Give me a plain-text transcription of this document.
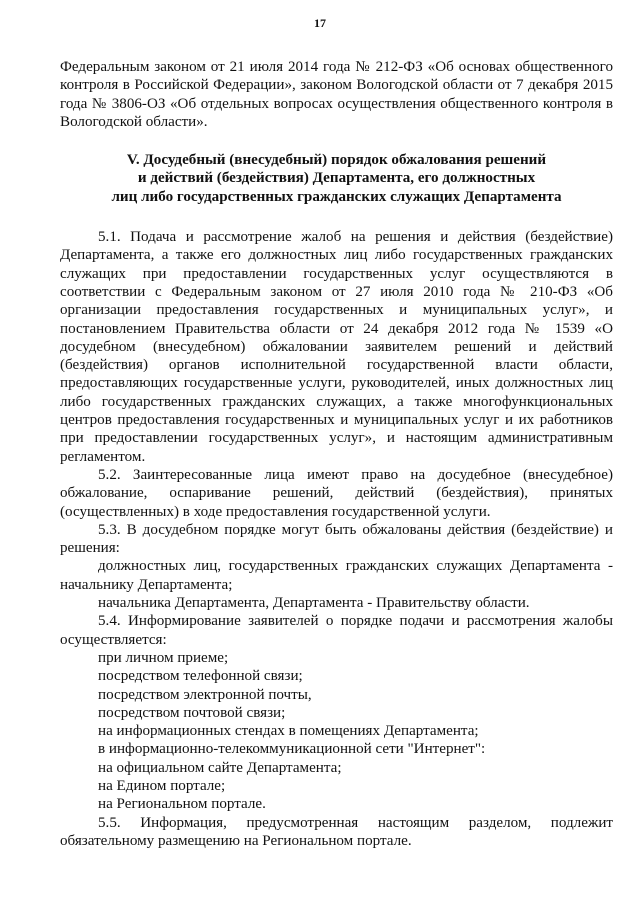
17

Федеральным законом от 21 июля 2014 года № 212-ФЗ «Об основах общественного контроля в Российской Федерации», законом Вологодской области от 7 декабря 2015 года № 3806-ОЗ «Об отдельных вопросах осуществления общественного контроля в Вологодской области».

V. Досудебный (внесудебный) порядок обжалования решений
и действий (бездействия) Департамента, его должностных
лиц либо государственных гражданских служащих Департамента

5.1. Подача и рассмотрение жалоб на решения и действия (бездействие) Департамента, а также его должностных лиц либо государственных гражданских служащих при предоставлении государственных услуг осуществляются в соответствии с Федеральным законом от 27 июля 2010 года № 210-ФЗ «Об организации предоставления государственных и муниципальных услуг», и постановлением Правительства области от 24 декабря 2012 года № 1539 «О досудебном (внесудебном) обжаловании заявителем решений и действий (бездействия) органов исполнительной государственной власти области, предоставляющих государственные услуги, руководителей, иных должностных лиц либо государственных гражданских служащих, а также многофункциональных центров предоставления государственных и муниципальных услуг и их работников при предоставлении государственных услуг», и настоящим административным регламентом.

5.2. Заинтересованные лица имеют право на досудебное (внесудебное) обжалование, оспаривание решений, действий (бездействия), принятых (осуществленных) в ходе предоставления государственной услуги.

5.3. В досудебном порядке могут быть обжалованы действия (бездействие) и решения:

должностных лиц, государственных гражданских служащих Департамента - начальнику Департамента;

начальника Департамента, Департамента - Правительству области.

5.4. Информирование заявителей о порядке подачи и рассмотрения жалобы осуществляется:

при личном приеме;

посредством телефонной связи;

посредством электронной почты,

посредством почтовой связи;

на информационных стендах в помещениях Департамента;

в информационно-телекоммуникационной сети "Интернет":

на официальном сайте Департамента;

на Едином портале;

на Региональном портале.

5.5. Информация, предусмотренная настоящим разделом, подлежит обязательному размещению на Региональном портале.
